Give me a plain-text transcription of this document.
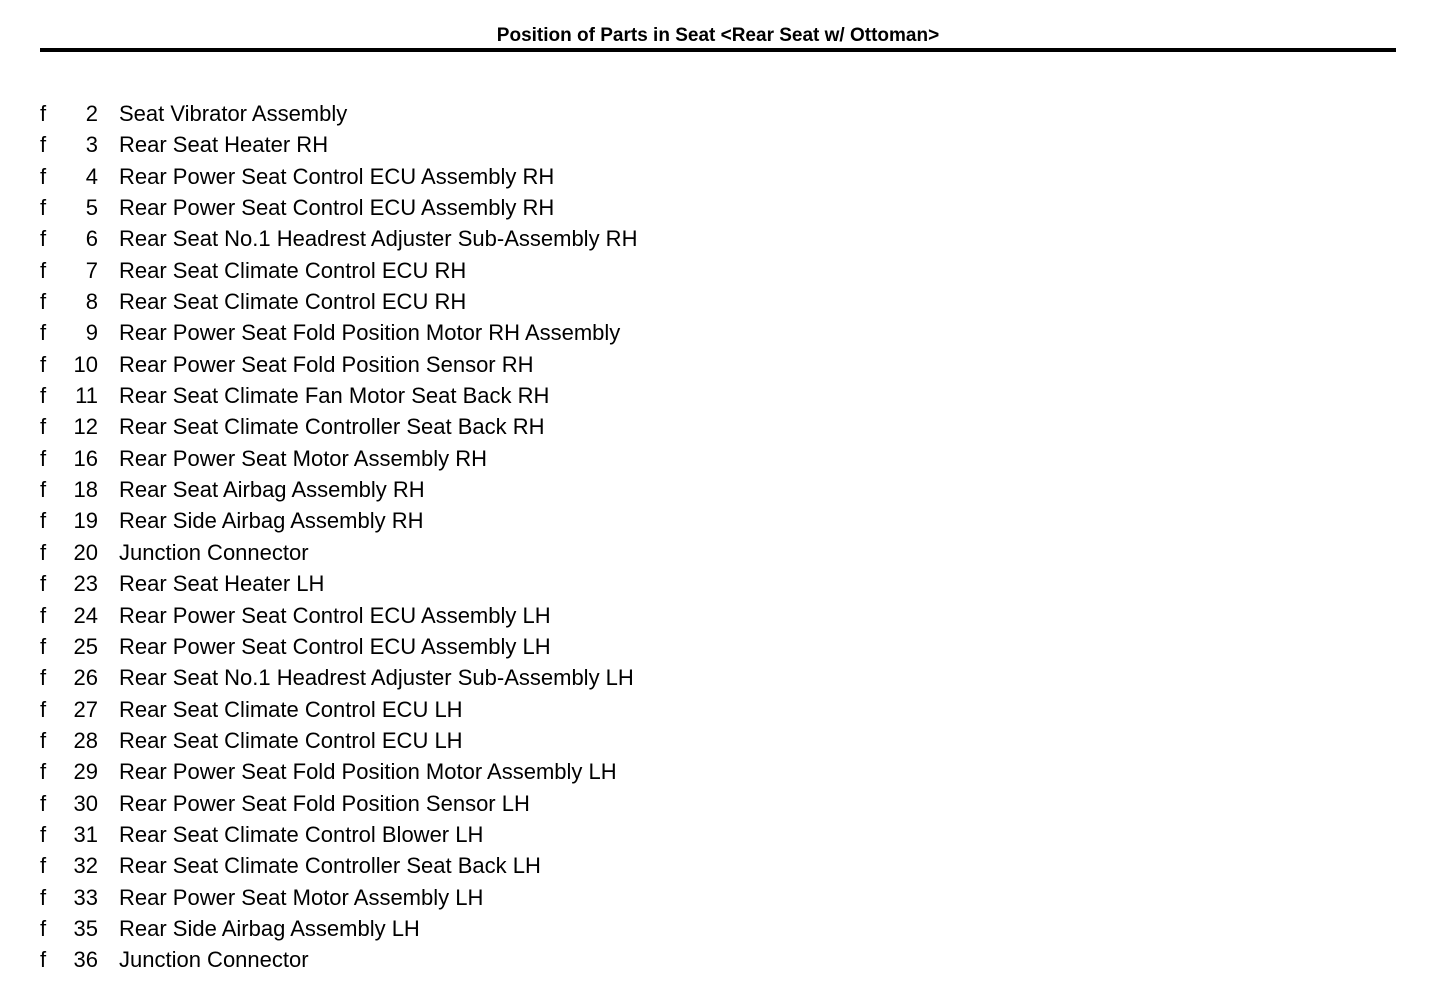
Position of Parts in Seat <Rear Seat w/ Ottoman>
f	2 Seat Vibrator Assembly
f	3 Rear Seat Heater RH
f	4 Rear Power Seat Control ECU Assembly RH
f	5 Rear Power Seat Control ECU Assembly RH
f	6 Rear Seat No.1 Headrest Adjuster Sub-Assembly RH
f	7 Rear Seat Climate Control ECU RH
f	8 Rear Seat Climate Control ECU RH
f	9 Rear Power Seat Fold Position Motor RH Assembly
f	10 Rear Power Seat Fold Position Sensor RH
f	11 Rear Seat Climate Fan Motor Seat Back RH
f	12 Rear Seat Climate Controller Seat Back RH
f	16 Rear Power Seat Motor Assembly RH
f	18 Rear Seat Airbag Assembly RH
f	19 Rear Side Airbag Assembly RH
f	20 Junction Connector
f	23 Rear Seat Heater LH
f	24 Rear Power Seat Control ECU Assembly LH
f	25 Rear Power Seat Control ECU Assembly LH
f	26 Rear Seat No.1 Headrest Adjuster Sub-Assembly LH
f	27 Rear Seat Climate Control ECU LH
f	28 Rear Seat Climate Control ECU LH
f	29 Rear Power Seat Fold Position Motor Assembly LH
f	30 Rear Power Seat Fold Position Sensor LH
f	31 Rear Seat Climate Control Blower LH
f	32 Rear Seat Climate Controller Seat Back LH
f	33 Rear Power Seat Motor Assembly LH
f	35 Rear Side Airbag Assembly LH
f	36 Junction Connector
